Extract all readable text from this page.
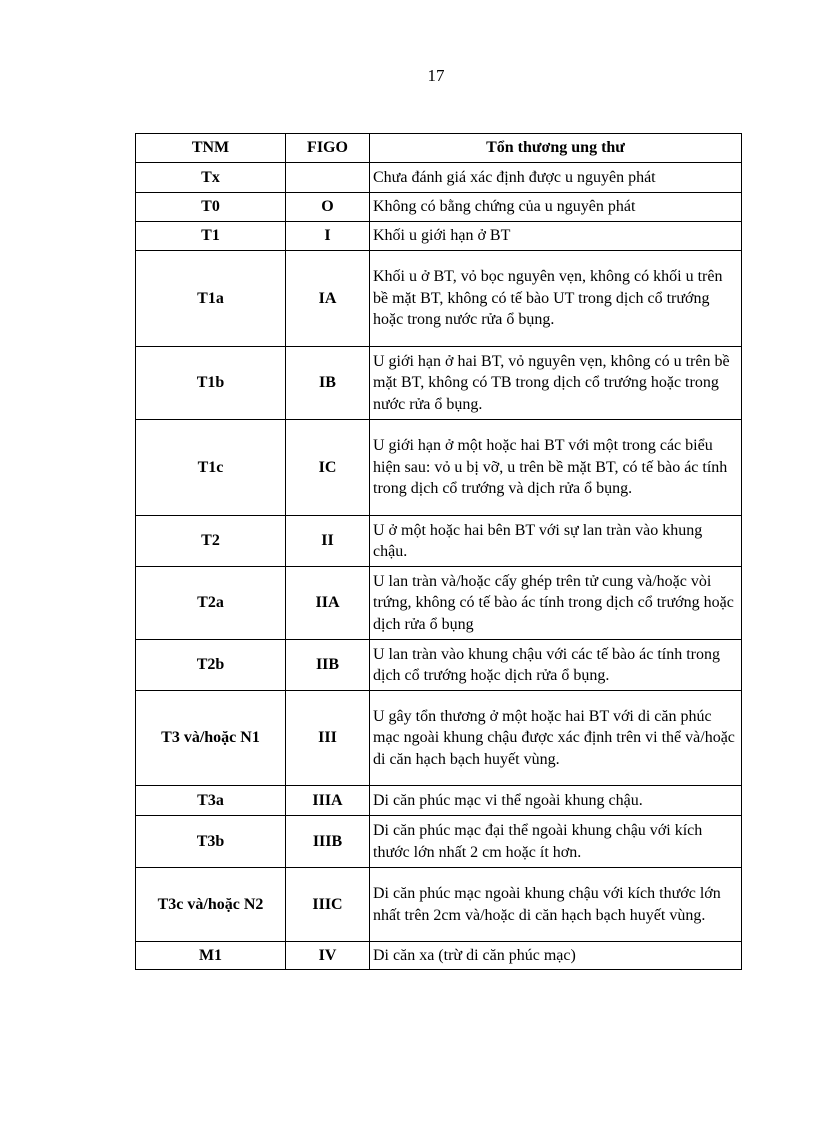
17
TNM	FIGO	Tổn thương ung thư
Tx		Chưa đánh giá xác định được u nguyên phát
T0	O	Không có bằng chứng của u nguyên phát
T1	I	Khối u giới hạn ở BT
T1a	IA	Khối u ở BT, vỏ bọc nguyên vẹn, không có khối u trên bề mặt BT, không có tế bào UT trong dịch cổ trướng hoặc trong nước rửa ổ bụng.
T1b	IB	U giới hạn ở hai BT, vỏ nguyên vẹn, không có u trên bề mặt BT, không có TB trong dịch cổ trướng hoặc trong nước rửa ổ bụng.
T1c	IC	U giới hạn ở một hoặc hai BT với một trong các biểu hiện sau: vỏ u bị vỡ, u trên bề mặt BT, có tế bào ác tính trong dịch cổ trướng và dịch rửa ổ bụng.
T2	II	U ở một hoặc hai bên BT với sự lan tràn vào khung chậu.
T2a	IIA	U lan tràn và/hoặc cấy ghép trên tử cung và/hoặc vòi trứng, không có tế bào ác tính trong dịch cổ trướng hoặc dịch rửa ổ bụng
T2b	IIB	U lan tràn vào khung chậu với các tế bào ác tính trong dịch cổ trướng hoặc dịch rửa ổ bụng.
T3 và/hoặc N1	III	U gây tổn thương ở một hoặc hai BT với di căn phúc mạc ngoài khung chậu được xác định trên vi thể và/hoặc di căn hạch bạch huyết vùng.
T3a	IIIA	Di căn phúc mạc vi thể ngoài khung chậu.
T3b	IIIB	Di căn phúc mạc đại thể ngoài khung chậu với kích thước lớn nhất 2 cm hoặc ít hơn.
T3c và/hoặc N2	IIIC	Di căn phúc mạc ngoài khung chậu với kích thước lớn nhất trên 2cm và/hoặc di căn hạch bạch huyết vùng.
M1	IV	Di căn xa (trừ di căn phúc mạc)
